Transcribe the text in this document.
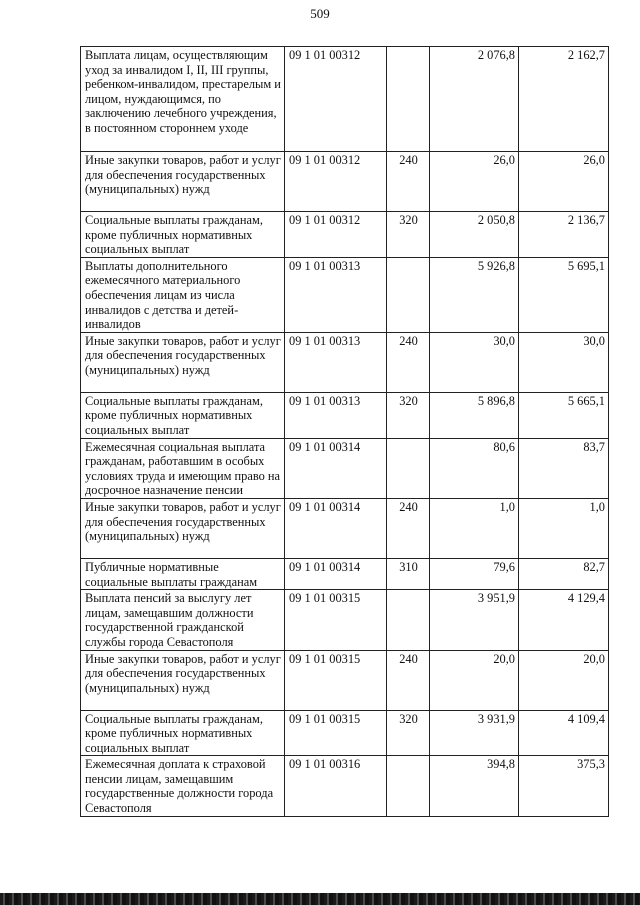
509
Выплата лицам, осуществляющим уход за инвалидом I, II, III группы, ребенком-инвалидом, престарелым и лицом, нуждающимся, по заключению лечебного учреждения, в постоянном стороннем уходе	09 1 01 00312		2 076,8	2 162,7
Иные закупки товаров, работ и услуг для обеспечения государственных (муниципальных) нужд	09 1 01 00312	240	26,0	26,0
Социальные выплаты гражданам, кроме публичных нормативных социальных выплат	09 1 01 00312	320	2 050,8	2 136,7
Выплаты дополнительного ежемесячного материального обеспечения лицам из числа инвалидов с детства и детей-инвалидов	09 1 01 00313		5 926,8	5 695,1
Иные закупки товаров, работ и услуг для обеспечения государственных (муниципальных) нужд	09 1 01 00313	240	30,0	30,0
Социальные выплаты гражданам, кроме публичных нормативных социальных выплат	09 1 01 00313	320	5 896,8	5 665,1
Ежемесячная социальная выплата гражданам, работавшим в особых условиях труда и имеющим право на досрочное назначение пенсии	09 1 01 00314		80,6	83,7
Иные закупки товаров, работ и услуг для обеспечения государственных (муниципальных) нужд	09 1 01 00314	240	1,0	1,0
Публичные нормативные социальные выплаты гражданам	09 1 01 00314	310	79,6	82,7
Выплата пенсий за выслугу лет лицам, замещавшим должности государственной гражданской службы города Севастополя	09 1 01 00315		3 951,9	4 129,4
Иные закупки товаров, работ и услуг для обеспечения государственных (муниципальных) нужд	09 1 01 00315	240	20,0	20,0
Социальные выплаты гражданам, кроме публичных нормативных социальных выплат	09 1 01 00315	320	3 931,9	4 109,4
Ежемесячная доплата к страховой пенсии лицам, замещавшим государственные должности города Севастополя	09 1 01 00316		394,8	375,3
